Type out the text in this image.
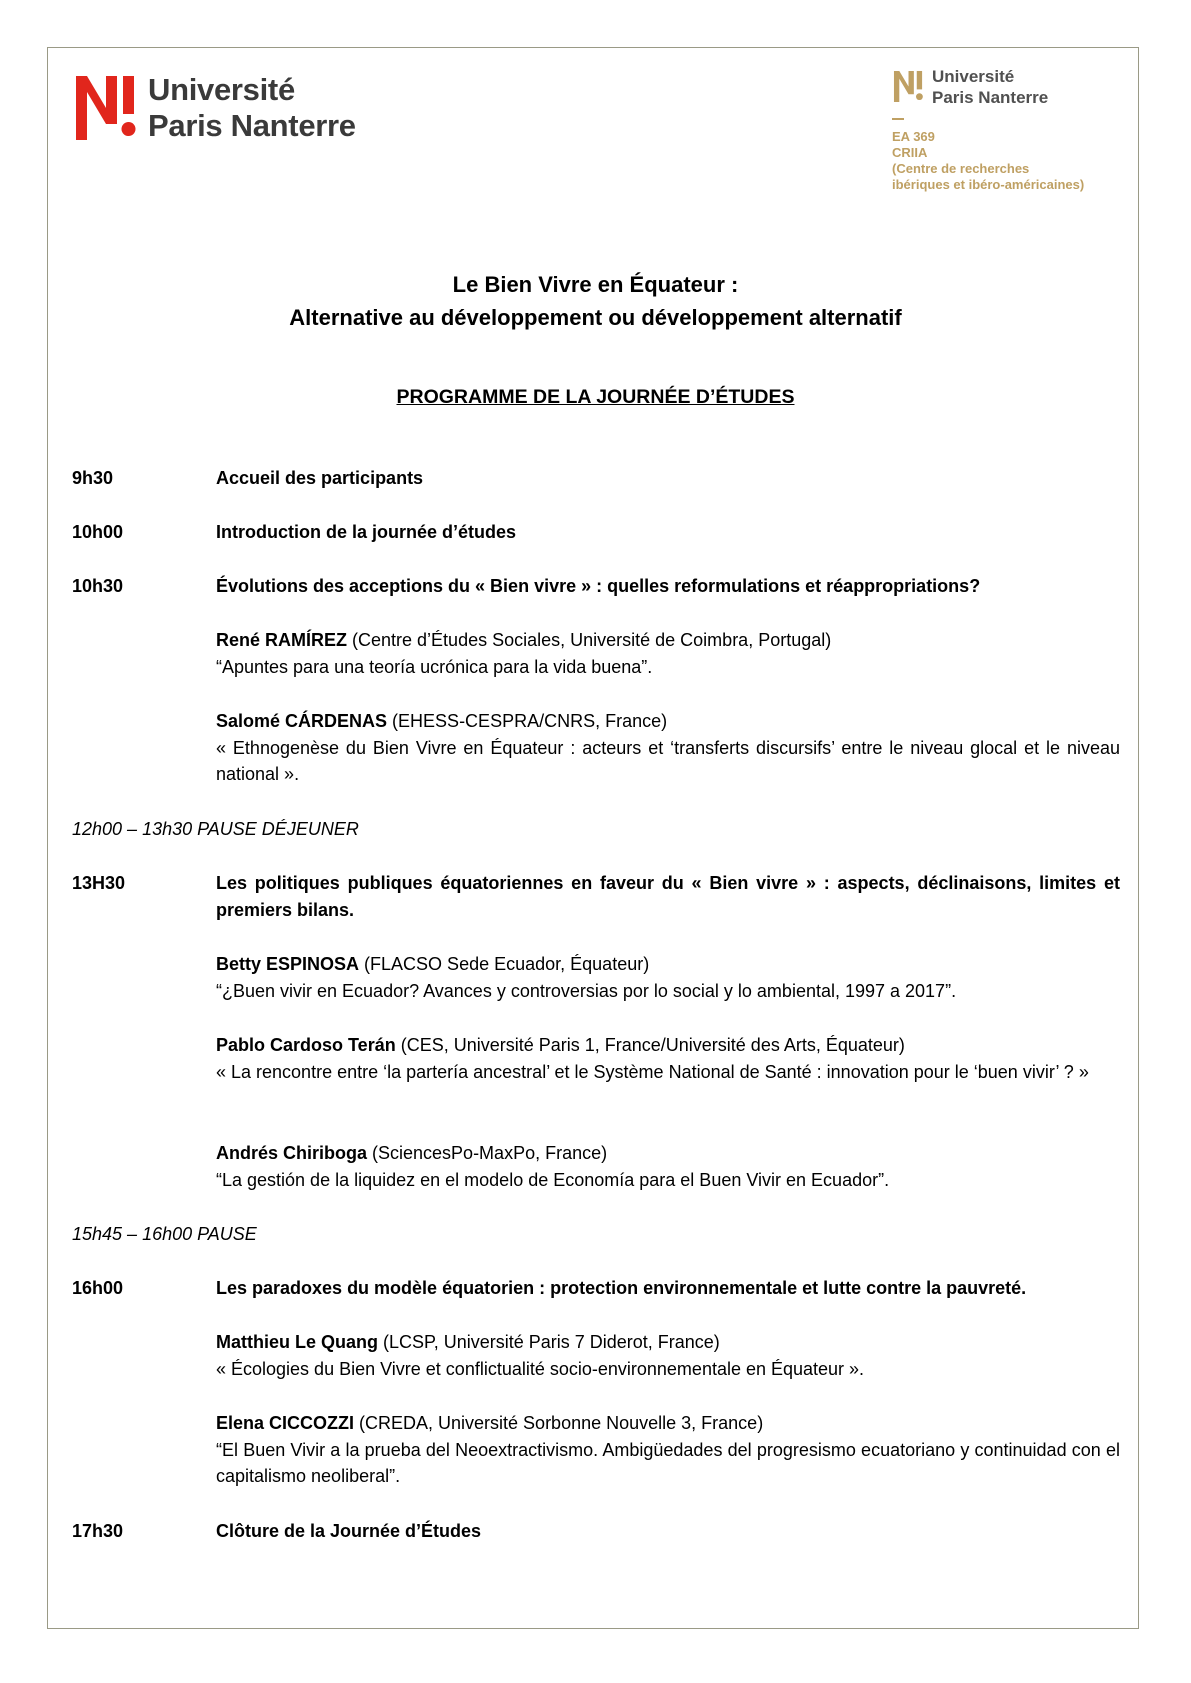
Université
Paris Nanterre
Université
Paris Nanterre
EA 369
CRIIA
(Centre de recherches
ibériques et ibéro-américaines)
Le Bien Vivre en Équateur :
Alternative au développement ou développement alternatif
PROGRAMME DE LA JOURNÉE D’ÉTUDES
9h30	Accueil des participants
10h00	Introduction de la journée d’études
10h30	Évolutions des acceptions du « Bien vivre » : quelles reformulations et réappropriations?
René RAMÍREZ (Centre d’Études Sociales, Université de Coimbra, Portugal)
“Apuntes para una teoría ucrónica para la vida buena”.
Salomé CÁRDENAS (EHESS-CESPRA/CNRS, France)
« Ethnogenèse du Bien Vivre en Équateur : acteurs et ‘transferts discursifs’ entre le niveau glocal et le niveau national ».
12h00 – 13h30 PAUSE DÉJEUNER
13H30	Les politiques publiques équatoriennes en faveur du « Bien vivre » : aspects, déclinaisons, limites et premiers bilans.
Betty ESPINOSA (FLACSO Sede Ecuador, Équateur)
“¿Buen vivir en Ecuador? Avances y controversias por lo social y lo ambiental, 1997 a 2017”.
Pablo Cardoso Terán (CES, Université Paris 1, France/Université des Arts, Équateur)
« La rencontre entre ‘la partería ancestral’ et le Système National de Santé : innovation pour le ‘buen vivir’ ? »
Andrés Chiriboga (SciencesPo-MaxPo, France)
“La gestión de la liquidez en el modelo de Economía para el Buen Vivir en Ecuador”.
15h45 – 16h00 PAUSE
16h00	Les paradoxes du modèle équatorien : protection environnementale et lutte contre la pauvreté.
Matthieu Le Quang (LCSP, Université Paris 7 Diderot, France)
« Écologies du Bien Vivre et conflictualité socio-environnementale en Équateur ».
Elena CICCOZZI (CREDA, Université Sorbonne Nouvelle 3, France)
“El Buen Vivir a la prueba del Neoextractivismo. Ambigüedades del progresismo ecuatoriano y continuidad con el capitalismo neoliberal”.
17h30	Clôture de la Journée d’Études
